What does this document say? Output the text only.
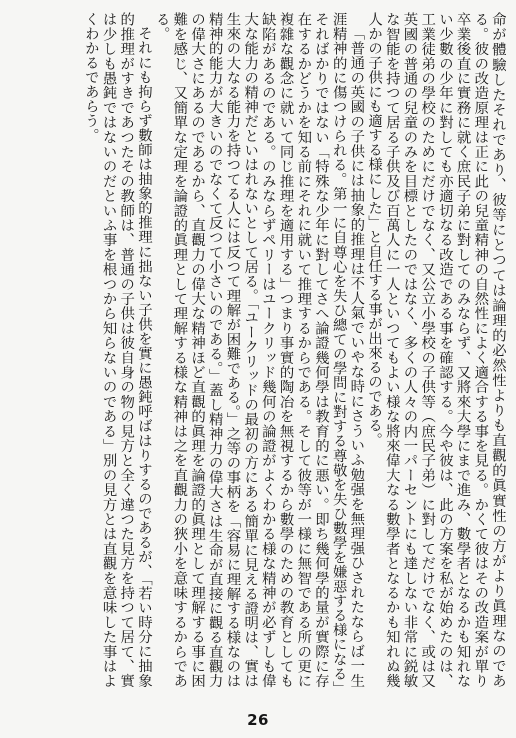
命が體驗したそれであり、彼等にとつては論理的必然性よりも直觀的眞實性の方がより眞理なのである。彼の改造原理は正に此の兒童精神の自然性によく適合する事を見る。かくて彼はその改造案が單り卒業後直に實務に就く庶民子弟に對してのみならず、又將來大學にまで進み、數學者となるかも知れない少數の少年に對しても亦適切なる改造である事を確認する。今や彼は、此の方案を私が始めたのは、工業徒弟の學校のためにだけでなく、又公立小學校の子供等（庶民子弟）に對してだけでなく、或は又英國の普通の兒童のみを目標としたのではなく、多くの人々の内一パーセントにも達しない非常に鋭敏な智能を持つて居る子供及び百萬人に一人といつてもよい様な將來偉大なる數學者となるかも知れぬ幾人かの子供にも適する様にした」と自任する事が出來るのである。

「普通の英國の子供には抽象的推理は不人氣でいやな時にさういふ勉强を無理强ひされたならば一生涯精神的に傷つけられる。第一に自尊心を失ひ總ての學問に對する尊敬を失ひ數學を嫌惡する様になる」そればかりではない「特殊な少年に對してさへ論證幾何學は教育的に悪い。即ち幾何學的量が實際に存在するかどうかを知る前にそれに就いて推理するからである。そして彼等が一様に無智である所の更に複雜な觀念に就いて同じ推理を適用する」つまり事實的陶冶を無視するから數學のための教育としても缺陷があるのである。のみならずペリーはユークリッド幾何の論證がよくわかる様な精神が必ずしも偉大な能力の精神だといはれないとして居る。「ユークリッドの最初の方にある簡單に見える證明は、實は生來の大なる能力を持つてる人には反つて理解が困難である。」之等の事柄を「容易に理解する様なのは精神的能力が大きいのでなくて反つて小さいのである。」蓋し精神力の偉大さは生命が直接に觀る直觀力の偉大さにあるのであるから、直觀力の偉大な精神ほど直觀的眞理を論證的眞理として理解する事に困難を感じ、又簡單な定理を論證的眞理として理解する様な精神は之を直觀力の狹小を意味するからである。

それにも拘らず數師は抽象的推理に拙ない子供を實に愚鈍呼ばはりするのであるが、「若い時分に抽象的推理がすきであつたその教師は、普通の子供は彼自身の物の見方と全く違つた見方を持つて居て、實は少しも愚鈍ではないのだといふ事を根つから知らないのである」別の見方とは直觀を意味した事はよくわかるであらう。

26
